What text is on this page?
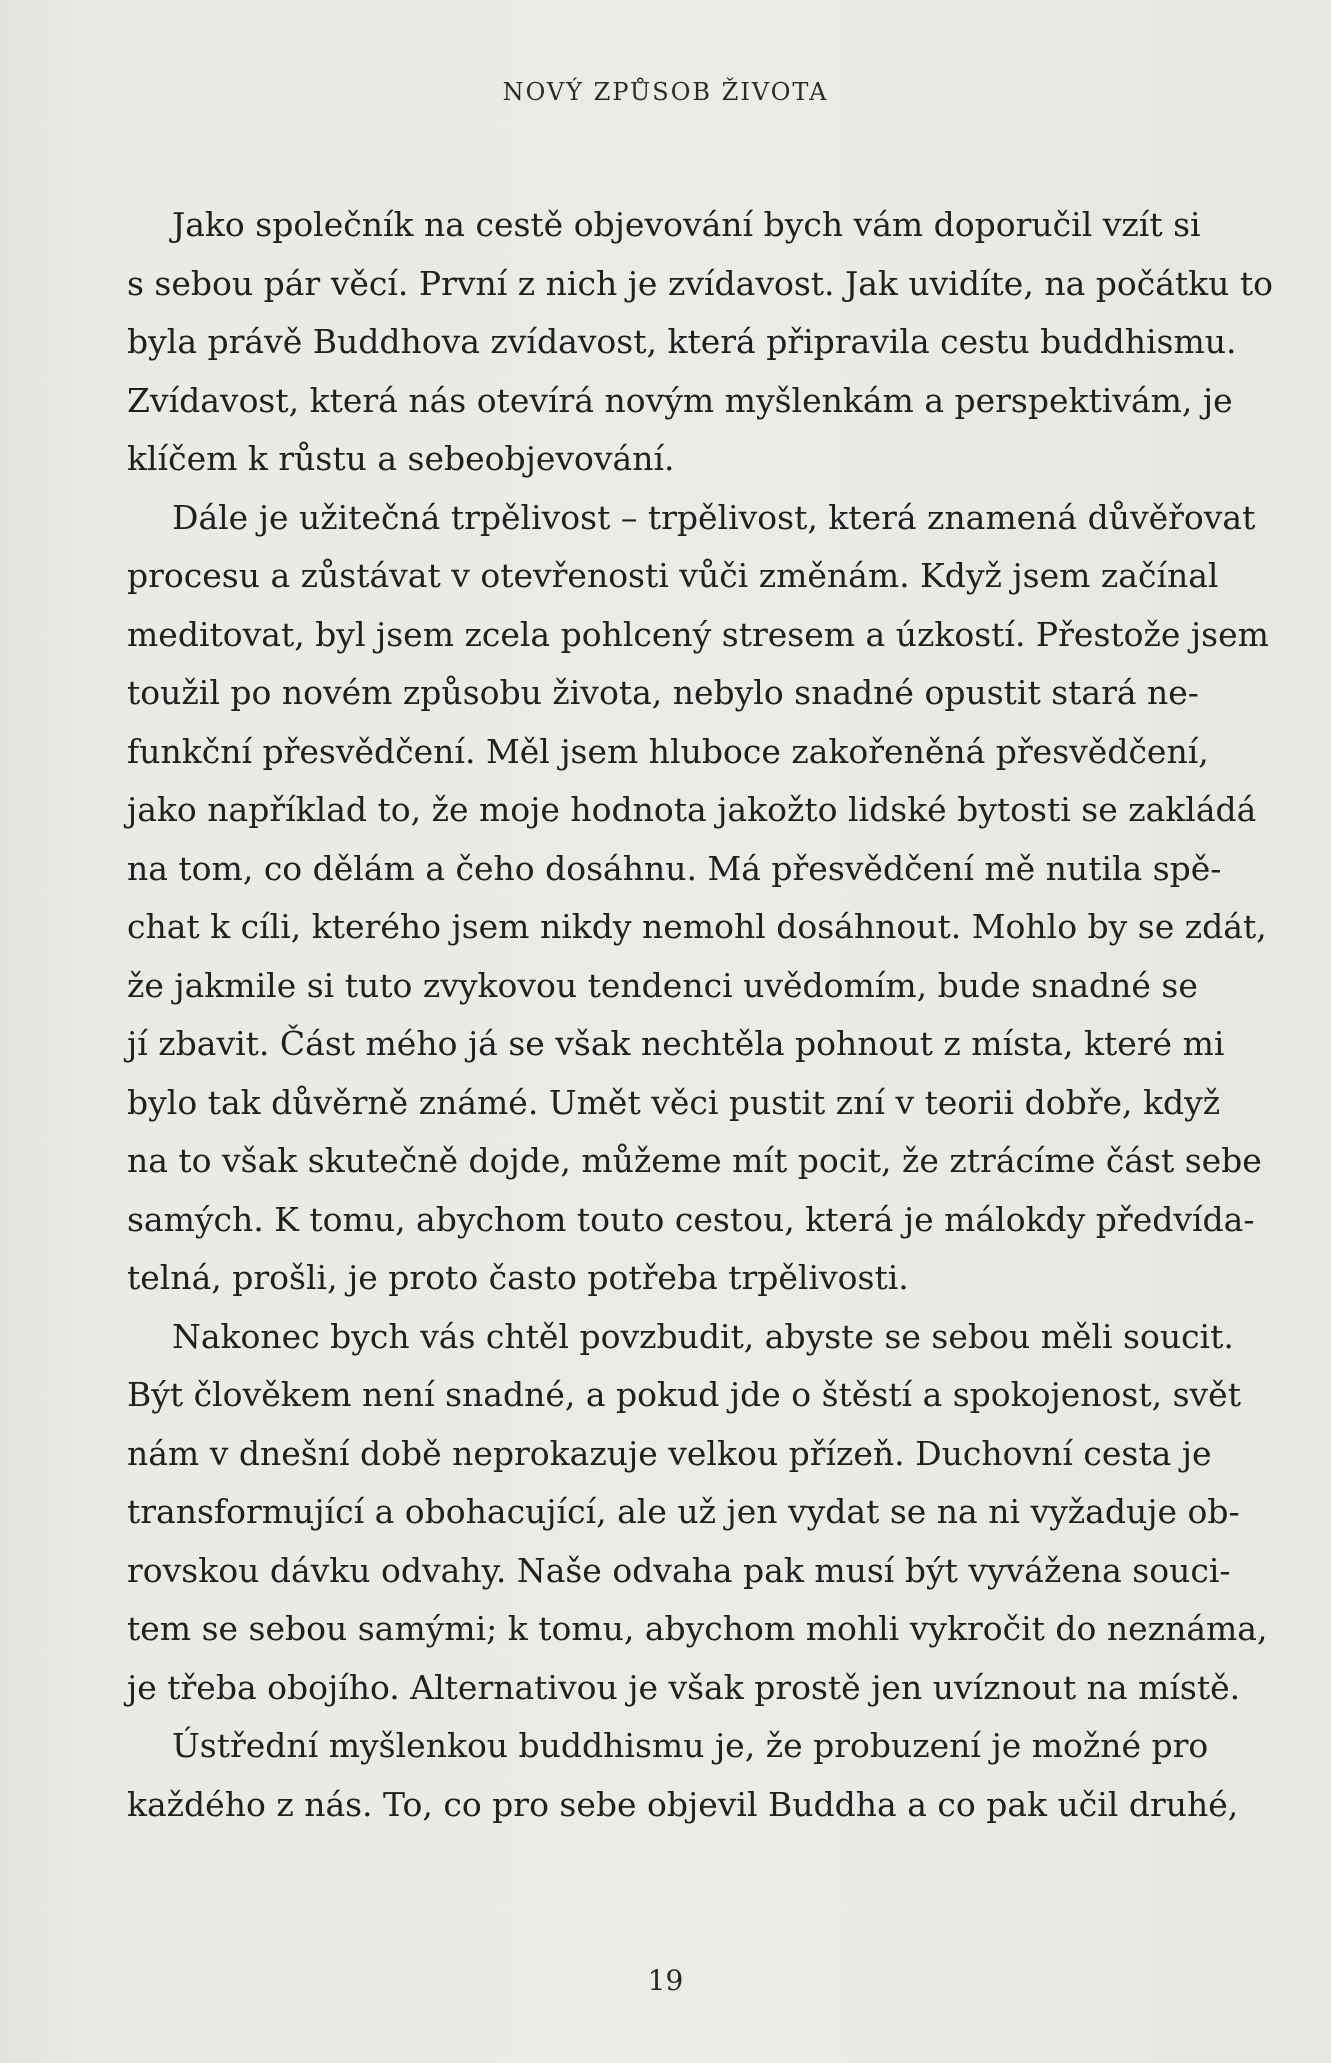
NOVÝ ZPŮSOB ŽIVOTA
Jako společník na cestě objevování bych vám doporučil vzít si
s sebou pár věcí. První z nich je zvídavost. Jak uvidíte, na počátku to
byla právě Buddhova zvídavost, která připravila cestu buddhismu.
Zvídavost, která nás otevírá novým myšlenkám a perspektivám, je
klíčem k růstu a sebeobjevování.
Dále je užitečná trpělivost – trpělivost, která znamená důvěřovat
procesu a zůstávat v otevřenosti vůči změnám. Když jsem začínal
meditovat, byl jsem zcela pohlcený stresem a úzkostí. Přestože jsem
toužil po novém způsobu života, nebylo snadné opustit stará ne-
funkční přesvědčení. Měl jsem hluboce zakořeněná přesvědčení,
jako například to, že moje hodnota jakožto lidské bytosti se zakládá
na tom, co dělám a čeho dosáhnu. Má přesvědčení mě nutila spě-
chat k cíli, kterého jsem nikdy nemohl dosáhnout. Mohlo by se zdát,
že jakmile si tuto zvykovou tendenci uvědomím, bude snadné se
jí zbavit. Část mého já se však nechtěla pohnout z místa, které mi
bylo tak důvěrně známé. Umět věci pustit zní v teorii dobře, když
na to však skutečně dojde, můžeme mít pocit, že ztrácíme část sebe
samých. K tomu, abychom touto cestou, která je málokdy předvída-
telná, prošli, je proto často potřeba trpělivosti.
Nakonec bych vás chtěl povzbudit, abyste se sebou měli soucit.
Být člověkem není snadné, a pokud jde o štěstí a spokojenost, svět
nám v dnešní době neprokazuje velkou přízeň. Duchovní cesta je
transformující a obohacující, ale už jen vydat se na ni vyžaduje ob-
rovskou dávku odvahy. Naše odvaha pak musí být vyvážena souci-
tem se sebou samými; k tomu, abychom mohli vykročit do neznáma,
je třeba obojího. Alternativou je však prostě jen uvíznout na místě.
Ústřední myšlenkou buddhismu je, že probuzení je možné pro
každého z nás. To, co pro sebe objevil Buddha a co pak učil druhé,
19
